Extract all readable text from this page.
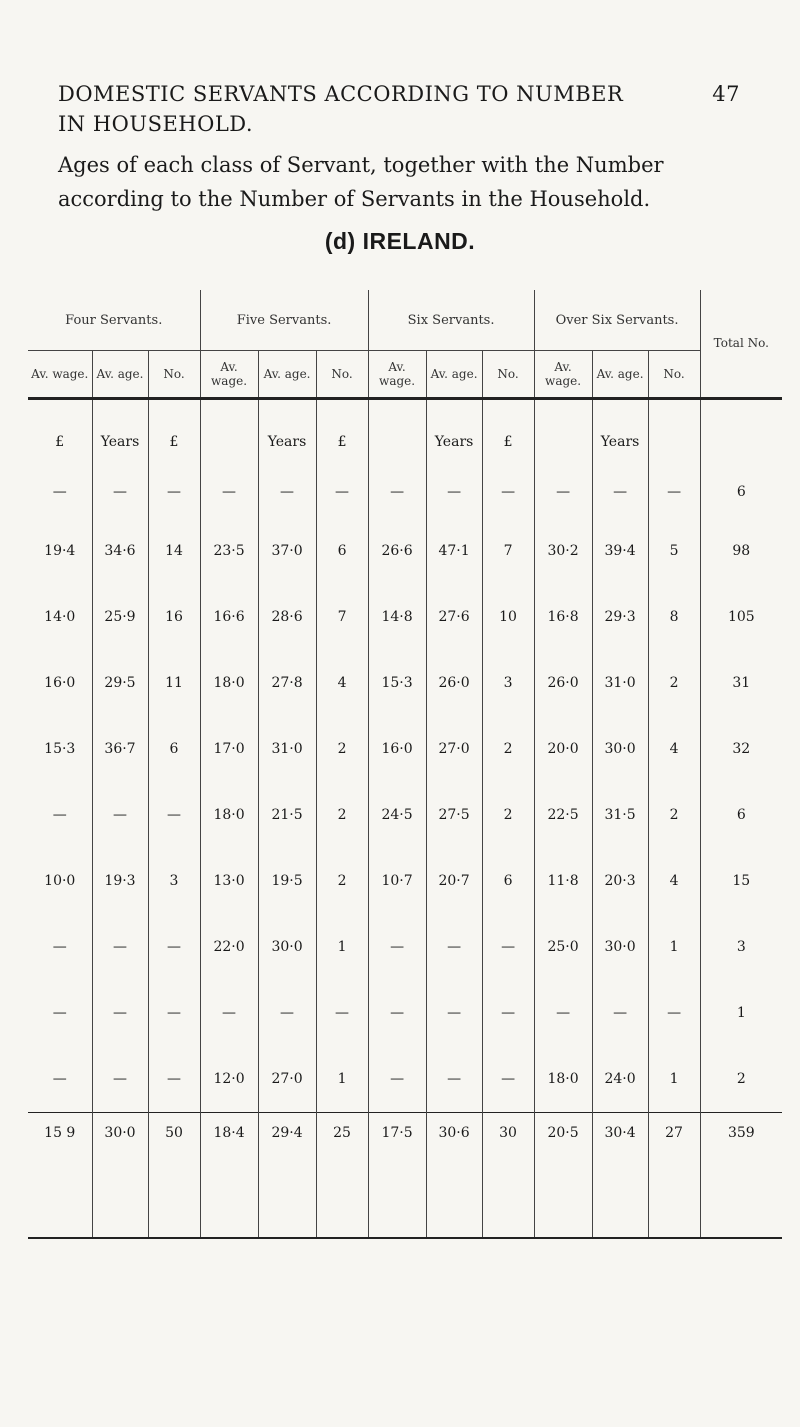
DOMESTIC SERVANTS ACCORDING TO NUMBER	47
IN HOUSEHOLD.
Ages of each class of Servant, together with the Number
according to the Number of Servants in the Household.
(d) IRELAND.
Four Servants.			Five Servants.			Six Servants.			Over Six Servants.			Total No.
Av. wage.	Av. age.	No.	Av. wage.	Av. age.	No.	Av. wage.	Av. age.	No.	Av. wage.	Av. age.	No.	
£	Years	£		Years	£		Years	£		Years		
—	—	—	—	—	—	—	—	—	—	—	—	6
19·4	34·6	14	23·5	37·0	6	26·6	47·1	7	30·2	39·4	5	98
14·0	25·9	16	16·6	28·6	7	14·8	27·6	10	16·8	29·3	8	105
16·0	29·5	11	18·0	27·8	4	15·3	26·0	3	26·0	31·0	2	31
15·3	36·7	6	17·0	31·0	2	16·0	27·0	2	20·0	30·0	4	32
—	—	—	18·0	21·5	2	24·5	27·5	2	22·5	31·5	2	6
10·0	19·3	3	13·0	19·5	2	10·7	20·7	6	11·8	20·3	4	15
—	—	—	22·0	30·0	1	—	—	—	25·0	30·0	1	3
—	—	—	—	—	—	—	—	—	—	—	—	1
—	—	—	12·0	27·0	1	—	—	—	18·0	24·0	1	2
15 9	30·0	50	18·4	29·4	25	17·5	30·6	30	20·5	30·4	27	359
